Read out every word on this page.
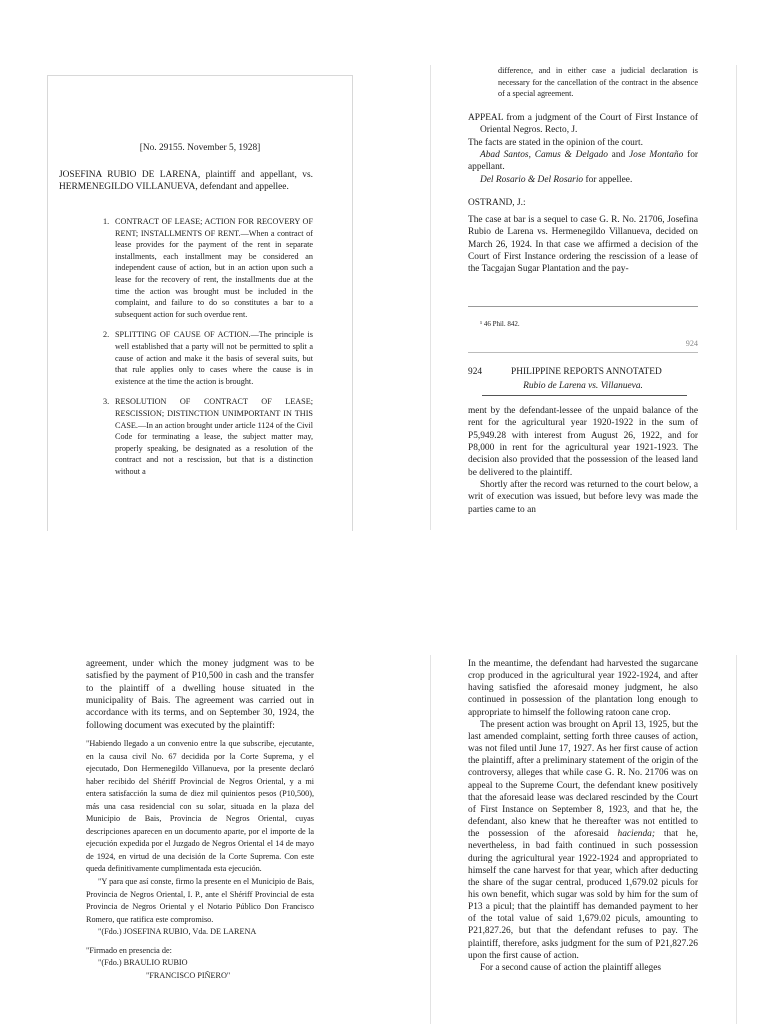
[No. 29155. November 5, 1928]
JOSEFINA RUBIO DE LARENA, plaintiff and appellant, vs. HERMENEGILDO VILLANUEVA, defendant and appellee.
1. CONTRACT OF LEASE; ACTION FOR RECOVERY OF RENT; INSTALLMENTS OF RENT.—When a contract of lease provides for the payment of the rent in separate installments, each installment may be considered an independent cause of action, but in an action upon such a lease for the recovery of rent, the installments due at the time the action was brought must be included in the complaint, and failure to do so constitutes a bar to a subsequent action for such overdue rent.
2. SPLITTING OF CAUSE OF ACTION.—The principle is well established that a party will not be permitted to split a cause of action and make it the basis of several suits, but that rule applies only to cases where the cause is in existence at the time the action is brought.
3. RESOLUTION OF CONTRACT OF LEASE; RESCISSION; DISTINCTION UNIMPORTANT IN THIS CASE.—In an action brought under article 1124 of the Civil Code for terminating a lease, the subject matter may, properly speaking, be designated as a resolution of the contract and not a rescission, but that is a distinction without a
difference, and in either case a judicial declaration is necessary for the cancellation of the contract in the absence of a special agreement.

APPEAL from a judgment of the Court of First Instance of Oriental Negros. Recto, J.

The facts are stated in the opinion of the court.

Abad Santos, Camus & Delgado and Jose Montaño for appellant.

Del Rosario & Del Rosario for appellee.

OSTRAND, J.:
The case at bar is a sequel to case G. R. No. 21706, Josefina Rubio de Larena vs. Hermenegildo Villanueva, decided on March 26, 1924. In that case we affirmed a decision of the Court of First Instance ordering the rescission of a lease of the Tacgajan Sugar Plantation and the pay-
¹ 46 Phil. 842.
924
924	PHILIPPINE REPORTS ANNOTATED
Rubio de Larena vs. Villanueva.

ment by the defendant-lessee of the unpaid balance of the rent for the agricultural year 1920-1922 in the sum of P5,949.28 with interest from August 26, 1922, and for P8,000 in rent for the agricultural year 1921-1923. The decision also provided that the possession of the leased land be delivered to the plaintiff.

Shortly after the record was returned to the court below, a writ of execution was issued, but before levy was made the parties came to an

agreement, under which the money judgment was to be satisfied by the payment of P10,500 in cash and the transfer to the plaintiff of a dwelling house situated in the municipality of Bais. The agreement was carried out in accordance with its terms, and on September 30, 1924, the following document was executed by the plaintiff:

"Habiendo llegado a un convenio entre la que subscribe, ejecutante, en la causa civil No. 67 decidida por la Corte Suprema, y el ejecutado, Don Hermenegildo Villanueva, por la presente declaró haber recibido del Shériff Provincial de Negros Oriental, y a mi entera satisfacción la suma de diez mil quinientos pesos (P10,500), más una casa residencial con su solar, situada en la plaza del Municipio de Bais, Provincia de Negros Oriental, cuyas descripciones aparecen en un documento aparte, por el importe de la ejecución expedida por el Juzgado de Negros Oriental el 14 de mayo de 1924, en virtud de una decisión de la Corte Suprema. Con este queda definitivamente cumplimentada esta ejecución.

"Y para que así conste, firmo la presente en el Municipio de Bais, Provincia de Negros Oriental, I. P., ante el Shériff Provincial de esta Provincia de Negros Oriental y el Notario Público Don Francisco Romero, que ratifica este compromiso.

"(Fdo.) JOSEFINA RUBIO, Vda. DE LARENA

"Firmado en presencia de:

"(Fdo.) BRAULIO RUBIO

"FRANCISCO PIÑERO"

In the meantime, the defendant had harvested the sugarcane crop produced in the agricultural year 1922-1924, and after having satisfied the aforesaid money judgment, he also continued in possession of the plantation long enough to appropriate to himself the following ratoon cane crop.

The present action was brought on April 13, 1925, but the last amended complaint, setting forth three causes of action, was not filed until June 17, 1927. As her first cause of action the plaintiff, after a preliminary statement of the origin of the controversy, alleges that while case G. R. No. 21706 was on appeal to the Supreme Court, the defendant knew positively that the aforesaid lease was declared rescinded by the Court of First Instance on September 8, 1923, and that he, the defendant, also knew that he thereafter was not entitled to the possession of the aforesaid hacienda; that he, nevertheless, in bad faith continued in such possession during the agricultural year 1922-1924 and appropriated to himself the cane harvest for that year, which after deducting the share of the sugar central, produced 1,679.02 piculs for his own benefit, which sugar was sold by him for the sum of P13 a picul; that the plaintiff has demanded payment to her of the total value of said 1,679.02 piculs, amounting to P21,827.26, but that the defendant refuses to pay. The plaintiff, therefore, asks judgment for the sum of P21,827.26 upon the first cause of action.

For a second cause of action the plaintiff alleges
